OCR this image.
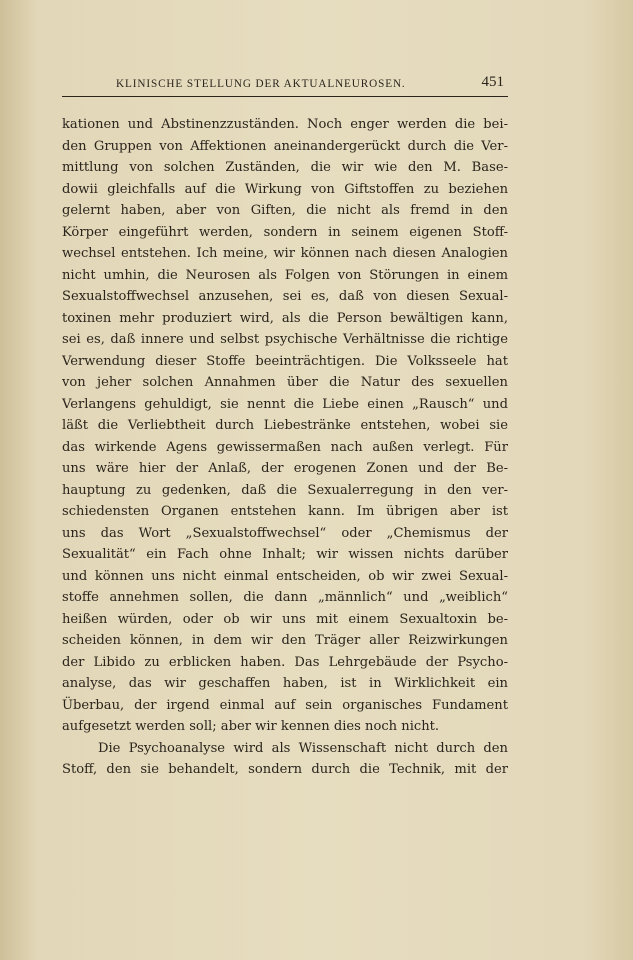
KLINISCHE STELLUNG DER AKTUALNEUROSEN.	451
kationen und Abstinenzzuständen. Noch enger werden die bei-
den Gruppen von Affektionen aneinandergerückt durch die Ver-
mittlung von solchen Zuständen, die wir wie den M. Base-
dowii gleichfalls auf die Wirkung von Giftstoffen zu beziehen
gelernt haben, aber von Giften, die nicht als fremd in den
Körper eingeführt werden, sondern in seinem eigenen Stoff-
wechsel entstehen. Ich meine, wir können nach diesen Analogien
nicht umhin, die Neurosen als Folgen von Störungen in einem
Sexualstoffwechsel anzusehen, sei es, daß von diesen Sexual-
toxinen mehr produziert wird, als die Person bewältigen kann,
sei es, daß innere und selbst psychische Verhältnisse die richtige
Verwendung dieser Stoffe beeinträchtigen. Die Volksseele hat
von jeher solchen Annahmen über die Natur des sexuellen
Verlangens gehuldigt, sie nennt die Liebe einen „Rausch“ und
läßt die Verliebtheit durch Liebestränke entstehen, wobei sie
das wirkende Agens gewissermaßen nach außen verlegt. Für
uns wäre hier der Anlaß, der erogenen Zonen und der Be-
hauptung zu gedenken, daß die Sexualerregung in den ver-
schiedensten Organen entstehen kann. Im übrigen aber ist
uns das Wort „Sexualstoffwechsel“ oder „Chemismus der
Sexualität“ ein Fach ohne Inhalt; wir wissen nichts darüber
und können uns nicht einmal entscheiden, ob wir zwei Sexual-
stoffe annehmen sollen, die dann „männlich“ und „weiblich“
heißen würden, oder ob wir uns mit einem Sexualtoxin be-
scheiden können, in dem wir den Träger aller Reizwirkungen
der Libido zu erblicken haben. Das Lehrgebäude der Psycho-
analyse, das wir geschaffen haben, ist in Wirklichkeit ein
Überbau, der irgend einmal auf sein organisches Fundament
aufgesetzt werden soll; aber wir kennen dies noch nicht.
Die Psychoanalyse wird als Wissenschaft nicht durch den
Stoff, den sie behandelt, sondern durch die Technik, mit der
